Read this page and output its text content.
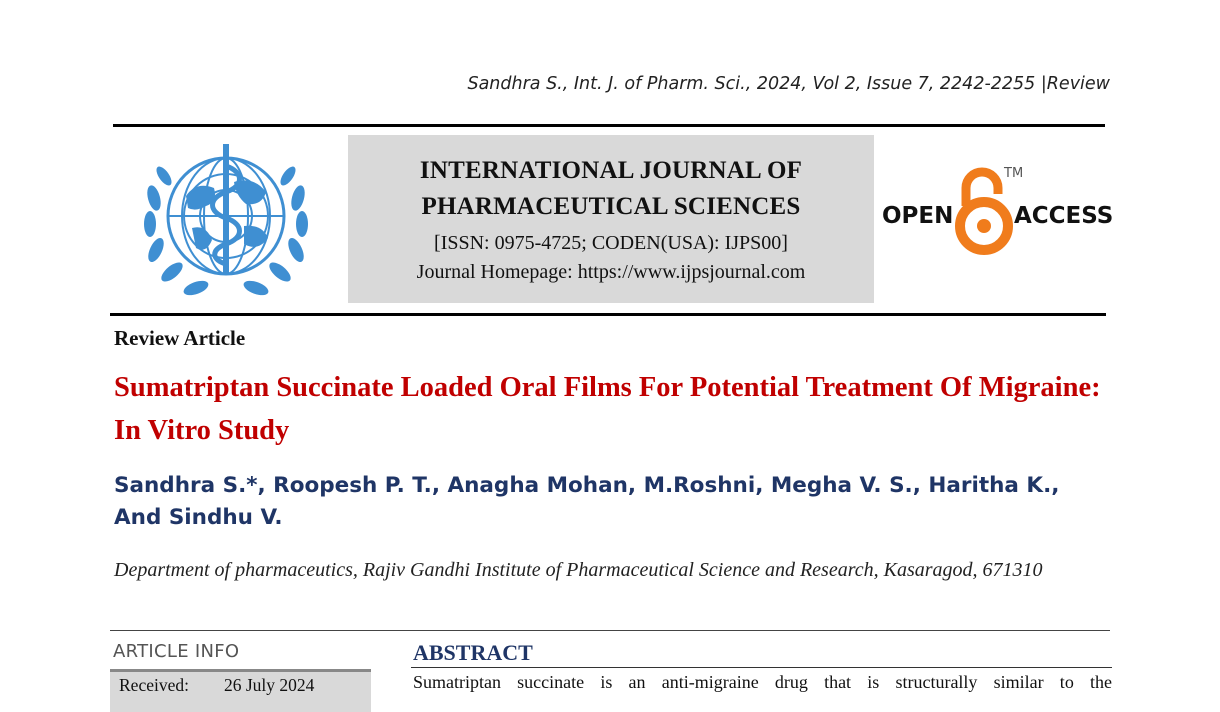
Sandhra S., Int. J. of Pharm. Sci., 2024, Vol 2, Issue 7, 2242-2255 |Review
INTERNATIONAL JOURNAL OF
PHARMACEUTICAL SCIENCES
[ISSN: 0975-4725; CODEN(USA): IJPS00]
Journal Homepage: https://www.ijpsjournal.com
OPEN
TM
ACCESS
Review Article
Sumatriptan Succinate Loaded Oral Films For Potential Treatment Of Migraine: In Vitro Study
Sandhra S.*, Roopesh P. T., Anagha Mohan, M.Roshni, Megha V. S., Haritha K., And Sindhu V.
Department of pharmaceutics, Rajiv Gandhi Institute of Pharmaceutical Science and Research, Kasaragod, 671310
ARTICLE INFO
Received: 26 July 2024
ABSTRACT
Sumatriptan succinate is an anti-migraine drug that is structurally similar to the
